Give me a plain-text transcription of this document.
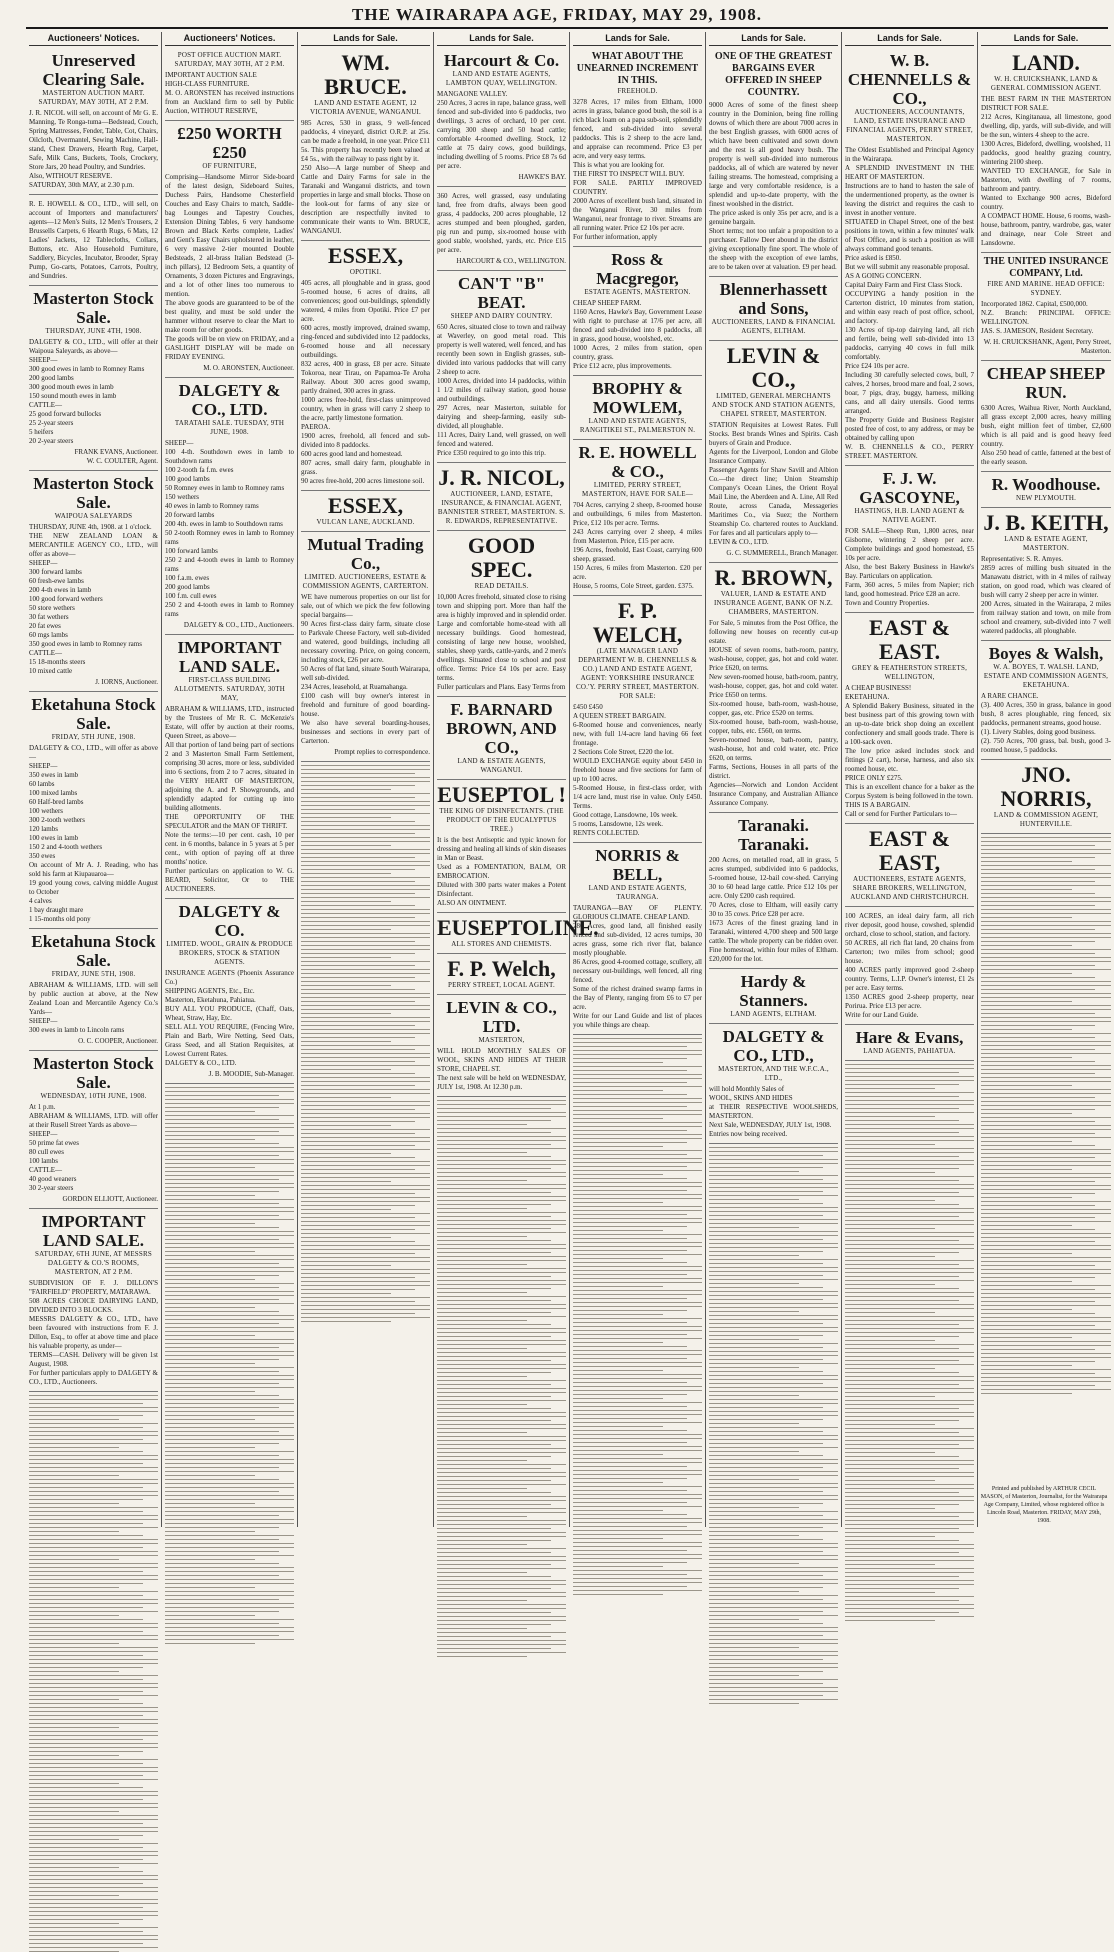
THE WAIRARAPA AGE, FRIDAY, MAY 29, 1908.
Auctioneers' Notices.
Unreserved Clearing Sale.
MASTERTON AUCTION MART. SATURDAY, MAY 30TH, AT 2 P.M.
J. R. NICOL will sell, on account of Mr G. E. Manning, Te Ronga-tuma—Bedstead, Couch, Spring Mattresses, Fender, Table, Cot, Chairs, Oilcloth, Overmantel, Sewing Machine, Hall-stand, Chest Drawers, Hearth Rug, Carpet, Safe, Milk Cans, Buckets, Tools, Crockery, Store Jars, 20 head Poultry, and Sundries.
Also, WITHOUT RESERVE.
SATURDAY, 30th MAY, at 2.30 p.m.
R. E. HOWELL & CO., LTD., will sell, on account of Importers and manufacturers' agents—12 Men's Suits, 12 Men's Trousers, 2 Brussells Carpets, 6 Hearth Rugs, 6 Mats, 12 Ladies' Jackets, 12 Tablecloths, Collars, Buttons, etc. Also Household Furniture, Saddlery, Bicycles, Incubator, Brooder, Spray Pump, Go-carts, Potatoes, Carrots, Poultry, and Sundries.
Masterton Stock Sale.
THURSDAY, JUNE 4TH, 1908.
DALGETY & CO., LTD., will offer at their Waipoua Saleyards, as above—
SHEEP—
300 good ewes in lamb to Romney Rams
200 good lambs
300 good mouth ewes in lamb
150 sound mouth ewes in lamb
CATTLE—
25 good forward bullocks
25 2-year steers
5 heifers
20 2-year steers
FRANK EVANS, Auctioneer.
W. C. COULTER, Agent.
Masterton Stock Sale.
WAIPOUA SALEYARDS
THURSDAY, JUNE 4th, 1908. at 1 o'clock.
THE NEW ZEALAND LOAN & MERCANTILE AGENCY CO., LTD., will offer as above—
SHEEP—
300 forward lambs
60 fresh-ewe lambs
200 4-th ewes in lamb
100 good forward wethers
50 store wethers
30 fat wethers
20 fat ewes
60 mgs lambs
350 good ewes in lamb to Romney rams
CATTLE—
15 18-months steers
10 mixed cattle
J. IORNS, Auctioneer.
Eketahuna Stock Sale.
FRIDAY, 5TH JUNE, 1908.
DALGETY & CO., LTD., will offer as above—
SHEEP—
350 ewes in lamb
60 lambs
100 mixed lambs
60 Half-bred lambs
100 wethers
300 2-tooth wethers
120 lambs
100 ewes in lamb
150 2 and 4-tooth wethers
350 ewes
On account of Mr A. J. Reading, who has sold his farm at Kiupauaroa—
19 good young cows, calving middle August to October
4 calves
1 bay draught mare
1 15-months old pony
Eketahuna Stock Sale.
FRIDAY, JUNE 5TH, 1908.
ABRAHAM & WILLIAMS, LTD. will sell by public auction at above, at the New Zealand Loan and Mercantile Agency Co.'s Yards—
SHEEP—
300 ewes in lamb to Lincoln rams
O. C. COOPER, Auctioneer.
Masterton Stock Sale.
WEDNESDAY, 10TH JUNE, 1908.
At 1 p.m.
ABRAHAM & WILLIAMS, LTD. will offer at their Rusell Street Yards as above—
SHEEP—
50 prime fat ewes
80 cull ewes
100 lambs
CATTLE—
40 good weaners
30 2-year steers
GORDON ELLIOTT, Auctioneer.
IMPORTANT LAND SALE.
SATURDAY, 6TH JUNE, AT MESSRS DALGETY & CO.'S ROOMS, MASTERTON, AT 2 P.M.
SUBDIVISION OF F. J. DILLON'S "FAIRFIELD" PROPERTY, MATARAWA.
508 ACRES CHOICE DAIRYING LAND, DIVIDED INTO 3 BLOCKS.
MESSRS DALGETY & CO., LTD., have been favoured with instructions from F. J. Dillon, Esq., to offer at above time and place his valuable property, as under—
TERMS—CASH. Delivery will be given 1st August, 1908.
For further particulars apply to DALGETY & CO., LTD., Auctioneers.
Auctioneers' Notices.
POST OFFICE AUCTION MART. SATURDAY, MAY 30TH, AT 2 P.M.
IMPORTANT AUCTION SALE
HIGH-CLASS FURNITURE.
M. O. ARONSTEN has received instructions from an Auckland firm to sell by Public Auction, WITHOUT RESERVE,
£250 WORTH £250
OF FURNITURE,
Comprising—Handsome Mirror Side-board of the latest design, Sideboard Suites, Duchess Pairs, Handsome Chesterfield Couches and Easy Chairs to match, Saddle-bag Lounges and Tapestry Couches, Extension Dining Tables, 6 very handsome Brown and Black Kerbs complete, Ladies' and Gent's Easy Chairs upholstered in leather, 6 very massive 2-tier mounted Double Bedsteads, 2 all-brass Italian Bedstead (3-inch pillars), 12 Bedroom Sets, a quantity of Ornaments, 3 dozen Pictures and Engravings, and a lot of other lines too numerous to mention.
The above goods are guaranteed to be of the best quality, and must be sold under the hammer without reserve to clear the Mart to make room for other goods.
The goods will be on view on FRIDAY, and a GASLIGHT DISPLAY will be made on FRIDAY EVENING.
M. O. ARONSTEN, Auctioneer.
DALGETY & CO., LTD.
TARATAHI SALE. TUESDAY, 9TH JUNE, 1908.
SHEEP—
100 4-th. Southdown ewes in lamb to Southdown rams
100 2-tooth fa f.m. ewes
100 good lambs
50 Romney ewes in lamb to Romney rams
150 wethers
40 ewes in lamb to Romney rams
20 forward lambs
200 4th. ewes in lamb to Southdown rams
50 2-tooth Romney ewes in lamb to Romney rams
100 forward lambs
250 2 and 4-tooth ewes in lamb to Romney rams
100 f.a.m. ewes
200 good lambs
100 f.m. cull ewes
250 2 and 4-tooth ewes in lamb to Romney rams
DALGETY & CO., LTD., Auctioneers.
IMPORTANT LAND SALE.
FIRST-CLASS BUILDING ALLOTMENTS. SATURDAY, 30TH MAY,
ABRAHAM & WILLIAMS, LTD., instructed by the Trustees of Mr R. C. McKenzie's Estate, will offer by auction at their rooms, Queen Street, as above—
All that portion of land being part of sections 2 and 3 Masterton Small Farm Settlement, comprising 30 acres, more or less, subdivided into 6 sections, from 2 to 7 acres, situated in the VERY HEART OF MASTERTON, adjoining the A. and P. Showgrounds, and splendidly adapted for cutting up into building allotments.
THE OPPORTUNITY OF THE SPECULATOR and the MAN OF THRIFT.
Note the terms:—10 per cent. cash, 10 per cent. in 6 months, balance in 5 years at 5 per cent., with option of paying off at three months' notice.
Further particulars on application to W. G. BEARD, Solicitor, Or to THE AUCTIONEERS.
DALGETY & CO.
LIMITED. WOOL, GRAIN & PRODUCE BROKERS, STOCK & STATION AGENTS.
INSURANCE AGENTS (Phoenix Assurance Co.)
SHIPPING AGENTS, Etc., Etc.
Masterton, Eketahuna, Pahiatua.
BUY ALL YOU PRODUCE, (Chaff, Oats, Wheat, Straw, Hay, Etc.
SELL ALL YOU REQUIRE, (Fencing Wire, Plain and Barb, Wire Netting, Seed Oats, Grass Seed, and all Station Requisites, at Lowest Current Rates.
DALGETY & CO., LTD.
J. B. MOODIE, Sub-Manager.
Lands for Sale.
WM. BRUCE.
LAND AND ESTATE AGENT, 12 VICTORIA AVENUE, WANGANUI.
985 Acres, 530 in grass, 9 well-fenced paddocks, 4 vineyard, district O.R.P. at 25s. can be made a freehold, in one year. Price £11 5s. This property has recently been valued at £4 5s., with the railway to pass right by it.
250 Also—A large number of Sheep and Cattle and Dairy Farms for sale in the Taranaki and Wanganui districts, and town properties in large and small blocks. Those on the look-out for farms of any size or description are respectfully invited to communicate their wants to Wm. BRUCE, WANGANUI.
ESSEX,
OPOTIKI.
405 acres, all ploughable and in grass, good 5-roomed house, 6 acres of drains, all conveniences; good out-buildings, splendidly watered, 4 miles from Opotiki. Price £7 per acre.
600 acres, mostly improved, drained swamp, ring-fenced and subdivided into 12 paddocks, 6-roomed house and all necessary outbuildings.
832 acres, 400 in grass, £8 per acre. Situate Tokoroa, near Tirau, on Papamoa-Te Aroha Railway. About 300 acres good swamp, partly drained, 300 acres in grass.
1000 acres free-hold, first-class unimproved country, when in grass will carry 2 sheep to the acre, partly limestone formation.
PAEROA.
1900 acres, freehold, all fenced and sub-divided into 8 paddocks.
600 acres good land and homestead.
807 acres, small dairy farm, ploughable in grass.
90 acres free-hold, 200 acres limestone soil.
ESSEX,
VULCAN LANE, AUCKLAND.
Mutual Trading Co.,
LIMITED. AUCTIONEERS, ESTATE & COMMISSION AGENTS, CARTERTON.
WE have numerous properties on our list for sale, out of which we pick the few following special bargains—
90 Acres first-class dairy farm, situate close to Parkvale Cheese Factory, well sub-divided and watered, good buildings, including all necessary covering. Price, on going concern, including stock, £26 per acre.
50 Acres of flat land, situate South Wairarapa, well sub-divided.
234 Acres, leasehold, at Ruamahanga.
£100 cash will buy owner's interest in freehold and furniture of good boarding-house.
We also have several boarding-houses, businesses and sections in every part of Carterton.
Prompt replies to correspondence.
Lands for Sale.
Harcourt & Co.
LAND AND ESTATE AGENTS, LAMBTON QUAY, WELLINGTON.
MANGAONE VALLEY.
250 Acres, 3 acres in rape, balance grass, well fenced and sub-divided into 6 paddocks, two dwellings, 3 acres of orchard, 10 per cent. carrying 300 sheep and 50 head cattle; comfortable 4-roomed dwelling. Stock, 12 cattle at 75 dairy cows, good buildings, including dwelling of 5 rooms. Price £8 7s 6d per acre.
HAWKE'S BAY.
360 Acres, well grassed, easy undulating land, free from drafts, always been good grass, 4 paddocks, 200 acres ploughable, 12 acres stumped and been ploughed, garden, pig run and pump, six-roomed house with good stable, woolshed, yards, etc. Price £15 per acre.
HARCOURT & CO., WELLINGTON.
CAN'T "B" BEAT.
SHEEP AND DAIRY COUNTRY.
650 Acres, situated close to town and railway at Waverley, on good metal road. This property is well watered, well fenced, and has recently been sown in English grasses, sub-divided into various paddocks that will carry 2 sheep to acre.
1000 Acres, divided into 14 paddocks, within 1 1/2 miles of railway station, good house and outbuildings.
297 Acres, near Masterton, suitable for dairying and sheep-farming, easily sub-divided, all ploughable.
111 Acres, Dairy Land, well grassed, on well fenced and watered.
Price £350 required to go into this trip.
J. R. NICOL,
AUCTIONEER, LAND, ESTATE, INSURANCE, & FINANCIAL AGENT, BANNISTER STREET, MASTERTON. S. R. EDWARDS, REPRESENTATIVE.
GOOD SPEC.
READ DETAILS.
10,000 Acres freehold, situated close to rising town and shipping port. More than half the area is highly improved and in splendid order. Large and comfortable home-stead with all necessary buildings. Good homestead, consisting of large new house, woolshed, stables, sheep yards, cattle-yards, and 2 men's dwellings. Situated close to school and post office. Terms: Price £4 10s per acre. Easy terms.
Fuller particulars and Plans. Easy Terms from
F. BARNARD BROWN, AND CO.,
LAND & ESTATE AGENTS, WANGANUI.
EUSEPTOL !
THE KING OF DISINFECTANTS. (THE PRODUCT OF THE EUCALYPTUS TREE.)
It is the best Antiseptic and typic known for dressing and healing all kinds of skin diseases in Man or Beast.
Used as a FOMENTATION, BALM, OR EMBROCATION.
Diluted with 300 parts water makes a Potent Disinfectant.
ALSO AN OINTMENT.
EUSEPTOLINE.
ALL STORES AND CHEMISTS.
F. P. Welch,
PERRY STREET, LOCAL AGENT.
LEVIN & CO., LTD.
MASTERTON,
WILL HOLD MONTHLY SALES OF WOOL, SKINS AND HIDES AT THEIR STORE, CHAPEL ST.
The next sale will be held on WEDNESDAY, JULY 1st, 1908. At 12.30 p.m.
Lands for Sale.
WHAT ABOUT THE UNEARNED INCREMENT IN THIS.
FREEHOLD.
3278 Acres, 17 miles from Eltham, 1000 acres in grass, balance good bush, the soil is a rich black loam on a papa sub-soil, splendidly fenced, and sub-divided into several paddocks. This is 2 sheep to the acre land, and appraise can recommend. Price £3 per acre, and very easy terms.
This is what you are looking for.
THE FIRST TO INSPECT WILL BUY.
FOR SALE. PARTLY IMPROVED COUNTRY.
2000 Acres of excellent bush land, situated in the Wanganui River, 30 miles from Wanganui, near frontage to river. Streams are all running water. Price £2 10s per acre.
For further information, apply
Ross & Macgregor,
ESTATE AGENTS, MASTERTON.
CHEAP SHEEP FARM.
1160 Acres, Hawke's Bay, Government Lease with right to purchase at 17/6 per acre, all fenced and sub-divided into 8 paddocks, all in grass, good house, woolshed, etc.
1000 Acres, 2 miles from station, open country, grass.
Price £12 acre, plus improvements.
BROPHY & MOWLEM,
LAND AND ESTATE AGENTS, RANGITIKEI ST., PALMERSTON N.
R. E. HOWELL & CO.,
LIMITED, PERRY STREET, MASTERTON, HAVE FOR SALE—
704 Acres, carrying 2 sheep, 8-roomed house and outbuildings, 6 miles from Masterton. Price, £12 10s per acre. Terms.
243 Acres carrying over 2 sheep, 4 miles from Masterton. Price, £15 per acre.
196 Acres, freehold, East Coast, carrying 600 sheep, grassed.
150 Acres, 6 miles from Masterton. £20 per acre.
House, 5 rooms, Cole Street, garden. £375.
F. P. WELCH,
(LATE MANAGER LAND DEPARTMENT W. B. CHENNELLS & CO.) LAND AND ESTATE AGENT, AGENT: YORKSHIRE INSURANCE CO.'Y. PERRY STREET, MASTERTON. FOR SALE:
£450 £450
A QUEEN STREET BARGAIN.
6-Roomed house and conveniences, nearly new, with full 1/4-acre land having 66 feet frontage.
2 Sections Cole Street, £220 the lot.
WOULD EXCHANGE equity about £450 in freehold house and five sections for farm of up to 100 acres.
5-Roomed House, in first-class order, with 1/4 acre land, must rise in value. Only £450. Terms.
Good cottage, Lansdowne, 10s week.
5 rooms, Lansdowne, 12s week.
RENTS COLLECTED.
NORRIS & BELL,
LAND AND ESTATE AGENTS, TAURANGA.
TAURANGA—BAY OF PLENTY. GLORIOUS CLIMATE. CHEAP LAND.
280 Acres, good land, all finished easily fenced and sub-divided, 12 acres turnips, 30 acres grass, some rich river flat, balance mostly ploughable.
86 Acres, good 4-roomed cottage, scullery, all necessary out-buildings, well fenced, all ring fenced.
Some of the richest drained swamp farms in the Bay of Plenty, ranging from £6 to £7 per acre.
Write for our Land Guide and list of places you while things are cheap.
Lands for Sale.
ONE OF THE GREATEST BARGAINS EVER OFFERED IN SHEEP COUNTRY.
9000 Acres of some of the finest sheep country in the Dominion, being fine rolling downs of which there are about 7000 acres in the best English grasses, with 6000 acres of which have been cultivated and sown down and the rest is all good heavy bush. The property is well sub-divided into numerous paddocks, all of which are watered by never failing streams. The homestead, comprising a large and very comfortable residence, is a splendid and up-to-date property, with the finest woolshed in the district.
The price asked is only 35s per acre, and is a genuine bargain.
Short terms; not too unfair a proposition to a purchaser. Fallow Deer abound in the district giving exceptionally fine sport. The whole of the sheep with the exception of ewe lambs, are to be taken over at valuation. £9 per head.
Blennerhassett and Sons,
AUCTIONEERS, LAND & FINANCIAL AGENTS, ELTHAM.
LEVIN & CO.,
LIMITED, GENERAL MERCHANTS AND STOCK AND STATION AGENTS, CHAPEL STREET, MASTERTON.
STATION Requisites at Lowest Rates. Full Stocks. Best brands Wines and Spirits. Cash buyers of Grain and Produce.
Agents for the Liverpool, London and Globe Insurance Company.
Passenger Agents for Shaw Savill and Albion Co.—the direct line; Union Steamship Company's Ocean Lines, the Orient Royal Mail Line, the Aberdeen and A. Line, All Red Route, across Canada, Messageries Maritimes Co., via Suez; the Northern Steamship Co. chartered routes to Auckland. For fares and all particulars apply to—
LEVIN & CO., LTD.
G. C. SUMMERELL, Branch Manager.
R. BROWN,
VALUER, LAND & ESTATE AND INSURANCE AGENT, BANK OF N.Z. CHAMBERS, MASTERTON.
For Sale, 5 minutes from the Post Office, the following new houses on recently cut-up estate.
HOUSE of seven rooms, bath-room, pantry, wash-house, copper, gas, hot and cold water. Price £620, on terms.
New seven-roomed house, bath-room, pantry, wash-house, copper, gas, hot and cold water. Price £650 on terms.
Six-roomed house, bath-room, wash-house, copper, gas, etc. Price £520 on terms.
Six-roomed house, bath-room, wash-house, copper, tubs, etc. £560, on terms.
Seven-roomed house, bath-room, pantry, wash-house, hot and cold water, etc. Price £620, on terms.
Farms, Sections, Houses in all parts of the district.
Agencies—Norwich and London Accident Insurance Company, and Australian Alliance Assurance Company.
Taranaki. Taranaki.
200 Acres, on metalled road, all in grass, 5 acres stumped, subdivided into 6 paddocks, 5-roomed house, 12-bail cow-shed. Carrying 30 to 60 head large cattle. Price £12 10s per acre. Only £200 cash required.
70 Acres, close to Eltham, will easily carry 30 to 35 cows. Price £28 per acre.
1673 Acres of the finest grazing land in Taranaki, wintered 4,700 sheep and 500 large cattle. The whole property can be ridden over. Fine homestead, within four miles of Eltham. £20,000 for the lot.
Hardy & Stanners.
LAND AGENTS, ELTHAM.
DALGETY & CO., LTD.,
MASTERTON, AND THE W.F.C.A., LTD.,
will hold Monthly Sales of
WOOL, SKINS AND HIDES
at THEIR RESPECTIVE WOOLSHEDS, MASTERTON.
Next Sale, WEDNESDAY, JULY 1st, 1908.
Entries now being received.
Lands for Sale.
W. B. CHENNELLS & CO.,
AUCTIONEERS, ACCOUNTANTS, LAND, ESTATE INSURANCE AND FINANCIAL AGENTS, PERRY STREET, MASTERTON.
The Oldest Established and Principal Agency in the Wairarapa.
A SPLENDID INVESTMENT IN THE HEART OF MASTERTON.
Instructions are to hand to hasten the sale of the undermentioned property, as the owner is leaving the district and requires the cash to invest in another venture.
SITUATED in Chapel Street, one of the best positions in town, within a few minutes' walk of Post Office, and is such a position as will always command good tenants.
Price asked is £850.
But we will submit any reasonable proposal.
AS A GOING CONCERN.
Capital Dairy Farm and First Class Stock.
OCCUPYING a handy position in the Carterton district, 10 minutes from station, and within easy reach of post office, school, and factory.
130 Acres of tip-top dairying land, all rich and fertile, being well sub-divided into 13 paddocks, carrying 40 cows in full milk comfortably.
Price £24 10s per acre.
Including 30 carefully selected cows, bull, 7 calves, 2 horses, brood mare and foal, 2 sows, boar, 7 pigs, dray, buggy, harness, milking cans, and all dairy utensils. Good terms arranged.
The Property Guide and Business Register posted free of cost, to any address, or may be obtained by calling upon
W. B. CHENNELLS & CO., PERRY STREET. MASTERTON.
F. J. W. GASCOYNE,
HASTINGS, H.B. LAND AGENT & NATIVE AGENT.
FOR SALE—Sheep Run, 1,800 acres, near Gisborne, wintering 2 sheep per acre. Complete buildings and good homestead, £5 10s per acre.
Also, the best Bakery Business in Hawke's Bay. Particulars on application.
Farm, 360 acres, 5 miles from Napier; rich land, good homestead. Price £28 an acre.
Town and Country Properties.
EAST & EAST.
GREY & FEATHERSTON STREETS, WELLINGTON,
A CHEAP BUSINESS!
EKETAHUNA.
A Splendid Bakery Business, situated in the best business part of this growing town with an up-to-date brick shop doing an excellent confectionery and small goods trade. There is a 100-sack oven.
The low price asked includes stock and fittings (2 cart), horse, harness, and also six roomed house, etc.
PRICE ONLY £275.
This is an excellent chance for a baker as the Corpus System is being followed in the town.
THIS IS A BARGAIN.
Call or send for Further Particulars to—
EAST & EAST,
AUCTIONEERS, ESTATE AGENTS, SHARE BROKERS, WELLINGTON, AUCKLAND AND CHRISTCHURCH.
100 ACRES, an ideal dairy farm, all rich river deposit, good house, cowshed, splendid orchard, close to school, station, and factory.
50 ACRES, all rich flat land, 20 chains from Carterton; two miles from school; good house.
400 ACRES partly improved good 2-sheep country. Terms, L.I.P. Owner's interest, £1 2s per acre. Easy terms.
1350 ACRES good 2-sheep property, near Porirua. Price £13 per acre.
Write for our Land Guide.
Hare & Evans,
LAND AGENTS, PAHIATUA.
Lands for Sale.
LAND.
W. H. CRUICKSHANK, LAND & GENERAL COMMISSION AGENT.
THE BEST FARM IN THE MASTERTON DISTRICT FOR SALE.
212 Acres, Kingitanaua, all limestone, good dwelling, dip, yards, will sub-divide, and will be the sun, winters 4 sheep to the acre.
1300 Acres, Bideford, dwelling, woolshed, 11 paddocks, good healthy grazing country, wintering 2100 sheep.
WANTED TO EXCHANGE, for Sale in Masterton, with dwelling of 7 rooms, bathroom and pantry.
Wanted to Exchange 900 acres, Bideford country.
A COMPACT HOME. House, 6 rooms, wash-house, bathroom, pantry, wardrobe, gas, water and drainage, near Cole Street and Lansdowne.
THE UNITED INSURANCE COMPANY, Ltd.
FIRE AND MARINE. HEAD OFFICE: SYDNEY.
Incorporated 1862. Capital, £500,000.
N.Z. Branch: PRINCIPAL OFFICE: WELLINGTON.
JAS. S. JAMESON, Resident Secretary.
W. H. CRUICKSHANK, Agent, Perry Street, Masterton.
CHEAP SHEEP RUN.
6300 Acres, Waihua River, North Auckland, all grass except 2,000 acres, heavy milling bush, eight million feet of timber, £2,600 which is all paid and is good heavy feed country.
Also 250 head of cattle, fattened at the best of the early season.
R. Woodhouse.
NEW PLYMOUTH.
J. B. KEITH,
LAND & ESTATE AGENT, MASTERTON.
Representative: S. R. Amyes.
2859 acres of milling bush situated in the Manawatu district, with in 4 miles of railway station, on good road, which was cleared of bush will carry 2 sheep per acre in winter.
200 Acres, situated in the Wairarapa, 2 miles from railway station and town, on mile from school and creamery, sub-divided into 7 well watered paddocks, all ploughable.
Boyes & Walsh,
W. A. BOYES, T. WALSH. LAND, ESTATE AND COMMISSION AGENTS, EKETAHUNA.
A RARE CHANCE.
(3). 400 Acres, 350 in grass, balance in good bush, 8 acres ploughable, ring fenced, six paddocks, permanent streams, good house.
(1). Livery Stables, doing good business.
(2). 750 Acres, 700 grass, bal. bush, good 3-roomed house, 5 paddocks.
JNO. NORRIS,
LAND & COMMISSION AGENT, HUNTERVILLE.
Printed and published by ARTHUR CECIL MASON, of Masterton, Journalist, for the Wairarapa Age Company, Limited, whose registered office is Lincoln Road, Masterton. FRIDAY, MAY 29th, 1908.
